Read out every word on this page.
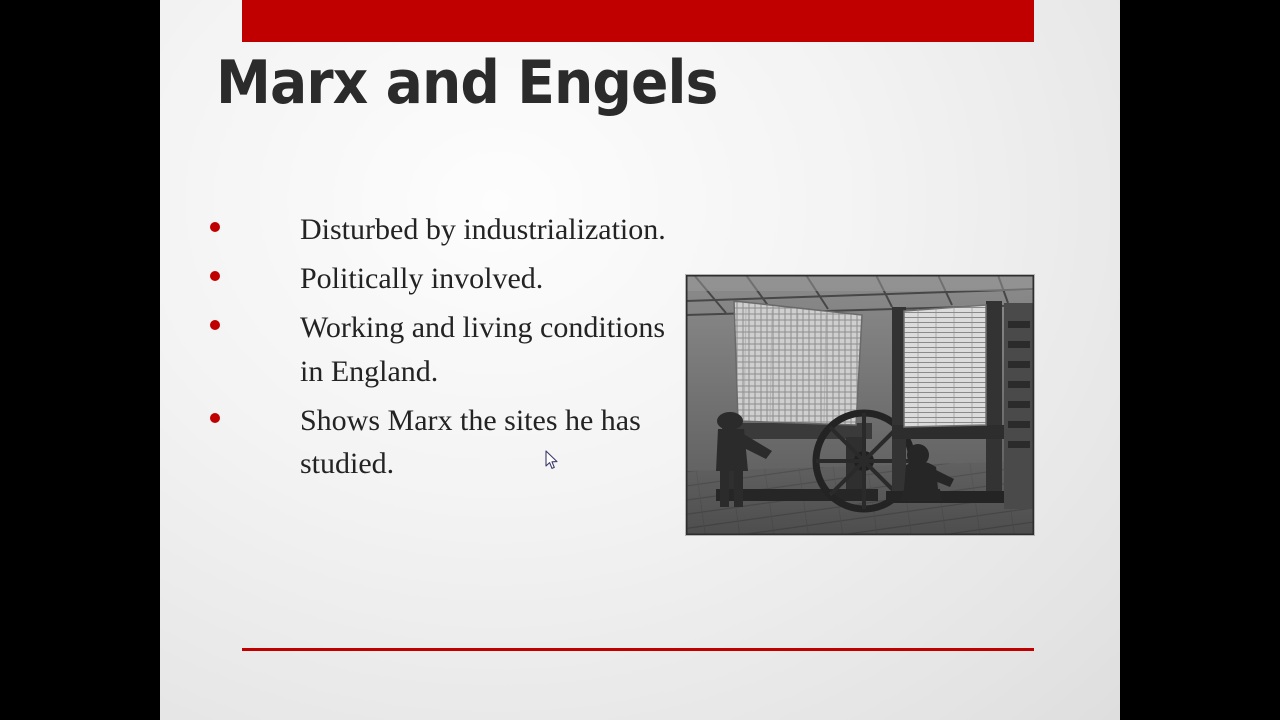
Marx and Engels
Disturbed by industrialization.
Politically involved.
Working and living conditions in England.
Shows Marx the sites he has studied.
